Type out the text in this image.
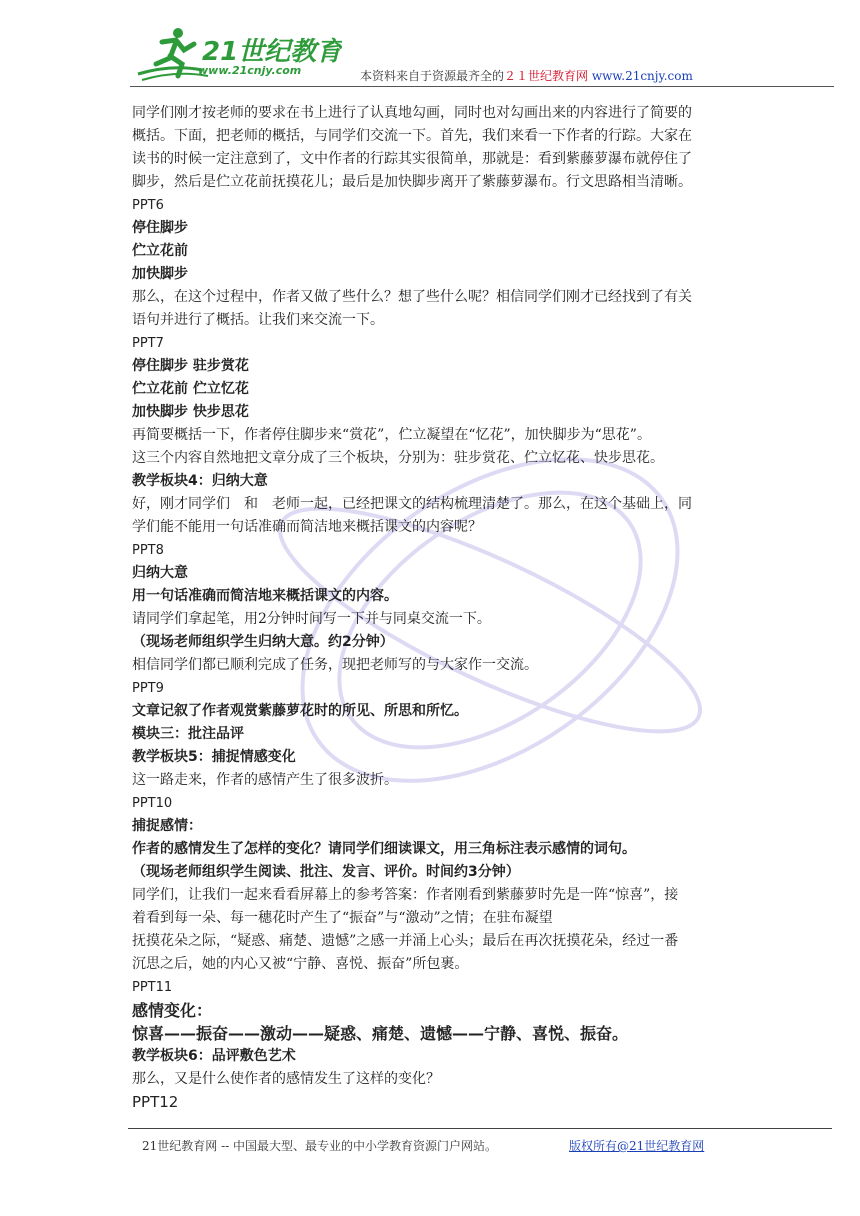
21世纪教育
www.21cnjy.com	本资料来自于资源最齐全的２１世纪教育网 www.21cnjy.com
同学们刚才按老师的要求在书上进行了认真地勾画，同时也对勾画出来的内容进行了简要的
概括。下面，把老师的概括，与同学们交流一下。首先，我们来看一下作者的行踪。大家在
读书的时候一定注意到了，文中作者的行踪其实很简单，那就是：看到紫藤萝瀑布就停住了
脚步，然后是伫立花前抚摸花儿；最后是加快脚步离开了紫藤萝瀑布。行文思路相当清晰。
PPT6
停住脚步
伫立花前
加快脚步
那么，在这个过程中，作者又做了些什么？想了些什么呢？相信同学们刚才已经找到了有关
语句并进行了概括。让我们来交流一下。
PPT7
停住脚步 驻步赏花
伫立花前 伫立忆花
加快脚步 快步思花
再简要概括一下，作者停住脚步来“赏花”，伫立凝望在“忆花”，加快脚步为“思花”。
这三个内容自然地把文章分成了三个板块，分别为：驻步赏花、伫立忆花、快步思花。
教学板块4：归纳大意
好，刚才同学们　和　老师一起，已经把课文的结构梳理清楚了。那么，在这个基础上，同
学们能不能用一句话准确而简洁地来概括课文的内容呢？
PPT8
归纳大意
用一句话准确而简洁地来概括课文的内容。
请同学们拿起笔，用2分钟时间写一下并与同桌交流一下。
（现场老师组织学生归纳大意。约2分钟）
相信同学们都已顺利完成了任务，现把老师写的与大家作一交流。
PPT9
文章记叙了作者观赏紫藤萝花时的所见、所思和所忆。
模块三：批注品评
教学板块5：捕捉情感变化
这一路走来，作者的感情产生了很多波折。
PPT10
捕捉感情：
作者的感情发生了怎样的变化？请同学们细读课文，用三角标注表示感情的词句。
（现场老师组织学生阅读、批注、发言、评价。时间约3分钟）
同学们，让我们一起来看看屏幕上的参考答案：作者刚看到紫藤萝时先是一阵“惊喜”，接
着看到每一朵、每一穗花时产生了“振奋”与“激动”之情；在驻布凝望
抚摸花朵之际，“疑惑、痛楚、遗憾”之感一并涌上心头；最后在再次抚摸花朵，经过一番
沉思之后，她的内心又被“宁静、喜悦、振奋”所包裹。
PPT11
感情变化：
惊喜——振奋——激动——疑惑、痛楚、遗憾——宁静、喜悦、振奋。
教学板块6：品评敷色艺术
那么，又是什么使作者的感情发生了这样的变化？
PPT12
21世纪教育网 -- 中国最大型、最专业的中小学教育资源门户网站。	版权所有@21世纪教育网
